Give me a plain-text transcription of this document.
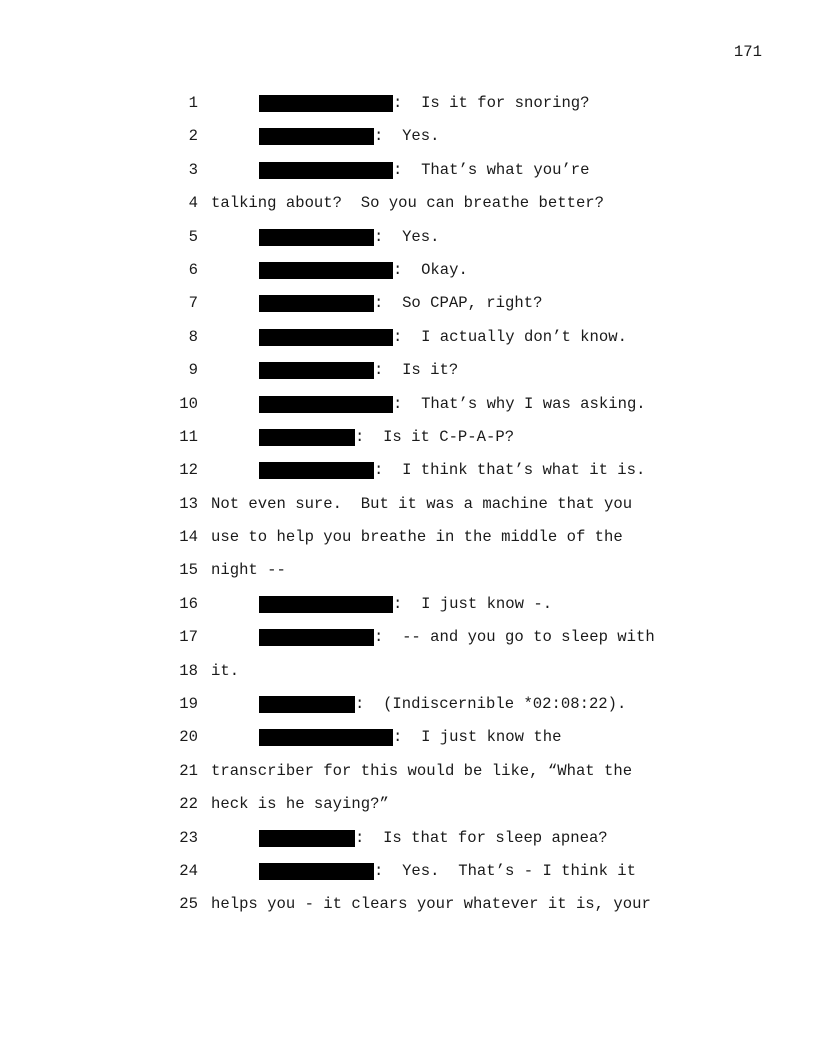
171
1	:  Is it for snoring?
2	:  Yes.
3	:  That’s what you’re
4 talking about?  So you can breathe better?
5	:  Yes.
6	:  Okay.
7	:  So CPAP, right?
8	:  I actually don’t know.
9	:  Is it?
10	:  That’s why I was asking.
11	:  Is it C-P-A-P?
12	:  I think that’s what it is.
13 Not even sure.  But it was a machine that you
14 use to help you breathe in the middle of the
15 night --
16	:  I just know -.
17	:  -- and you go to sleep with
18 it.
19	:  (Indiscernible *02:08:22).
20	:  I just know the
21 transcriber for this would be like, “What the
22 heck is he saying?”
23	:  Is that for sleep apnea?
24	:  Yes.  That’s - I think it
25 helps you - it clears your whatever it is, your
